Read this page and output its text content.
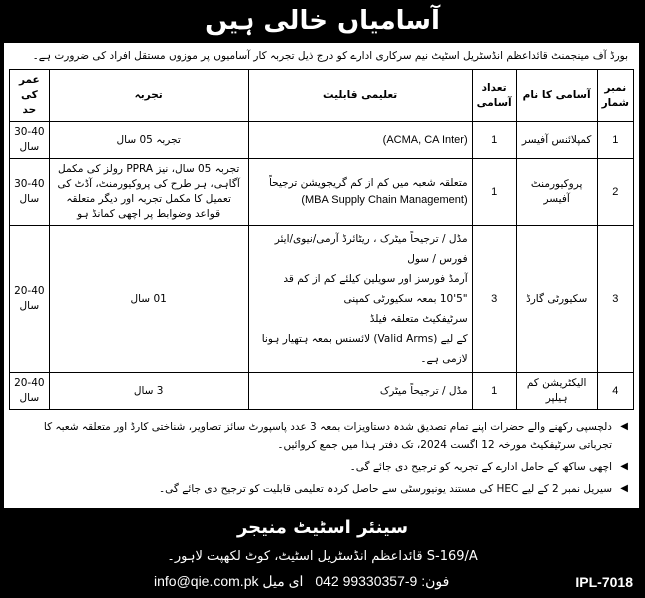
آسامیاں خالی ہیں
بورڈ آف مینجمنٹ قائداعظم انڈسٹریل اسٹیٹ نیم سرکاری ادارے کو درج ذیل تجربہ کار آسامیوں پر موزوں مستقل افراد کی ضرورت ہے۔
نمبر شمار	آسامی کا نام	تعداد آسامی	تعلیمی قابلیت	تجربہ	عمر کی حد
1	کمپلائنس آفیسر	1	(ACMA, CA Inter)	تجربہ 05 سال	30-40 سال
2	پروکیورمنٹ آفیسر	1	متعلقہ شعبہ میں کم از کم گریجویشن ترجیحاً
(MBA Supply Chain Management)	تجربہ 05 سال، نیز PPRA رولز کی مکمل آگاہی، ہر طرح کی پروکیورمنٹ، آڈٹ کی تعمیل کا مکمل تجربہ اور دیگر متعلقہ قواعد وضوابط پر اچھی کمانڈ ہو	30-40 سال
3	سکیورٹی گارڈ	3	مڈل / ترجیحاً میٹرک ، ریٹائرڈ آرمی/نیوی/ایئر فورس / سول
آرمڈ فورسز اور سویلین کیلئے کم از کم قد "5'10 بمعہ سکیورٹی کمپنی
سرٹیفکیٹ متعلقہ فیلڈ
کے لیے (Valid Arms) لائسنس بمعہ ہتھیار ہونا لازمی ہے۔	01 سال	20-40 سال
4	الیکٹریشن کم ہیلپر	1	مڈل / ترجیحاً میٹرک	3 سال	20-40 سال
◀
دلچسپی رکھنے والے حضرات اپنے تمام تصدیق شدہ دستاویزات بمعہ 3 عدد پاسپورٹ سائز تصاویر، شناختی کارڈ اور متعلقہ شعبہ کا تجرباتی سرٹیفکیٹ مورخہ 12 اگست 2024، تک دفتر ہذا میں جمع کروائیں۔
◀
اچھی ساکھ کے حامل ادارے کے تجربہ کو ترجیح دی جائے گی۔
◀
سیریل نمبر 2 کے لیے HEC کی مستند یونیورسٹی سے حاصل کردہ تعلیمی قابلیت کو ترجیح دی جائے گی۔
سینئر اسٹیٹ منیجر
S-169/A قائداعظم انڈسٹریل اسٹیٹ، کوٹ لکھپت لاہور۔
فون: 9-99330357 042 ای میل info@qie.com.pk	IPL-7018
